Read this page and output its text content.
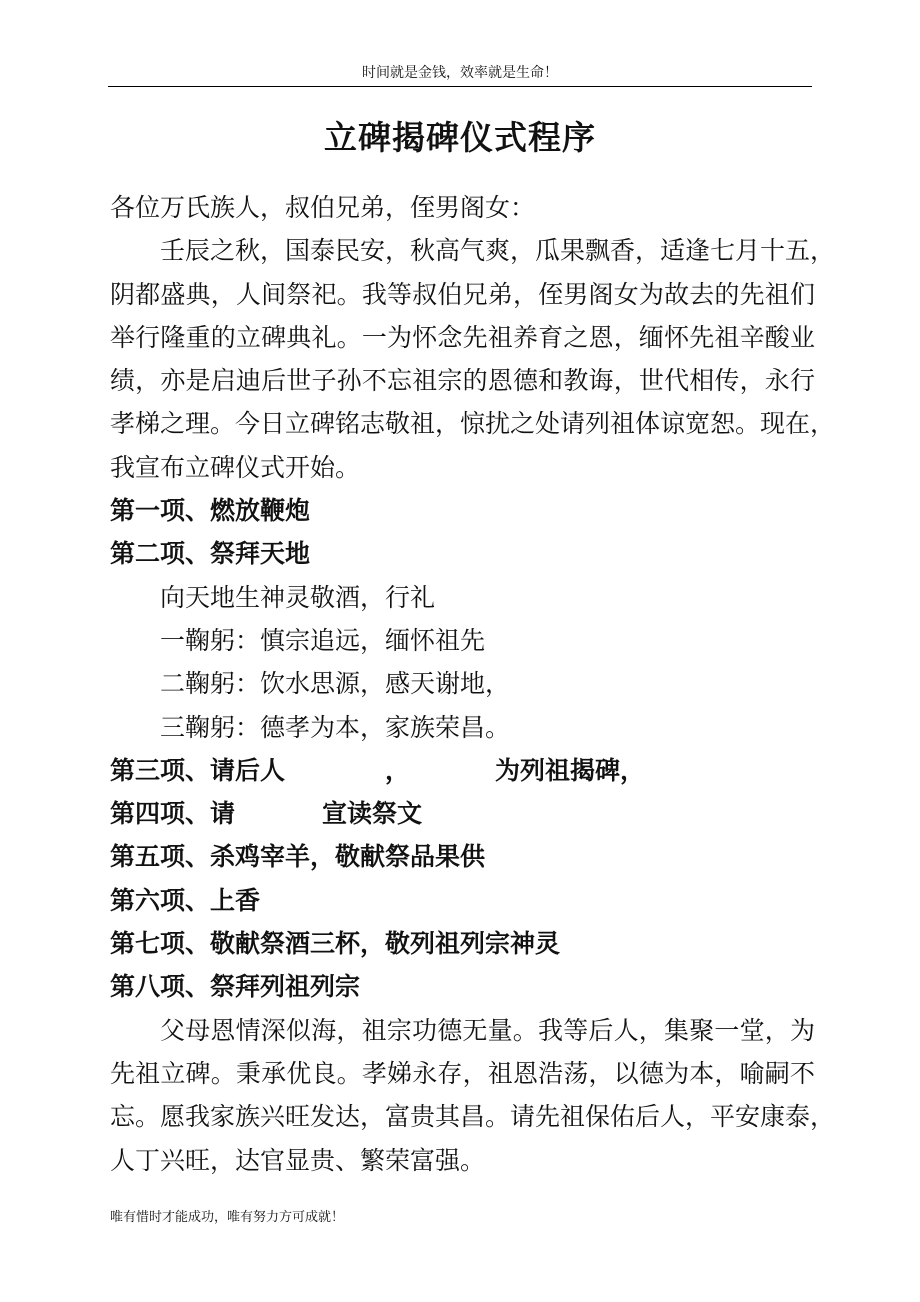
时间就是金钱，效率就是生命！
立碑揭碑仪式程序
各位万氏族人，叔伯兄弟，侄男阁女：
壬辰之秋，国泰民安，秋高气爽，瓜果飘香，适逢七月十五，
阴都盛典，人间祭祀。我等叔伯兄弟，侄男阁女为故去的先祖们
举行隆重的立碑典礼。一为怀念先祖养育之恩，缅怀先祖辛酸业
绩，亦是启迪后世子孙不忘祖宗的恩德和教诲，世代相传，永行
孝梯之理。今日立碑铭志敬祖，惊扰之处请列祖体谅宽恕。现在，
我宣布立碑仪式开始。
第一项、燃放鞭炮
第二项、祭拜天地
向天地生神灵敬酒，行礼
一鞠躬：慎宗追远，缅怀祖先
二鞠躬：饮水思源，感天谢地，
三鞠躬：德孝为本，家族荣昌。
第三项、请后人	，	为列祖揭碑，
第四项、请	宣读祭文
第五项、杀鸡宰羊，敬献祭品果供
第六项、上香
第七项、敬献祭酒三杯，敬列祖列宗神灵
第八项、祭拜列祖列宗
父母恩情深似海，祖宗功德无量。我等后人，集聚一堂，为
先祖立碑。秉承优良。孝娣永存，祖恩浩荡，以德为本，喻嗣不
忘。愿我家族兴旺发达，富贵其昌。请先祖保佑后人，平安康泰，
人丁兴旺，达官显贵、繁荣富强。
唯有惜时才能成功，唯有努力方可成就！
